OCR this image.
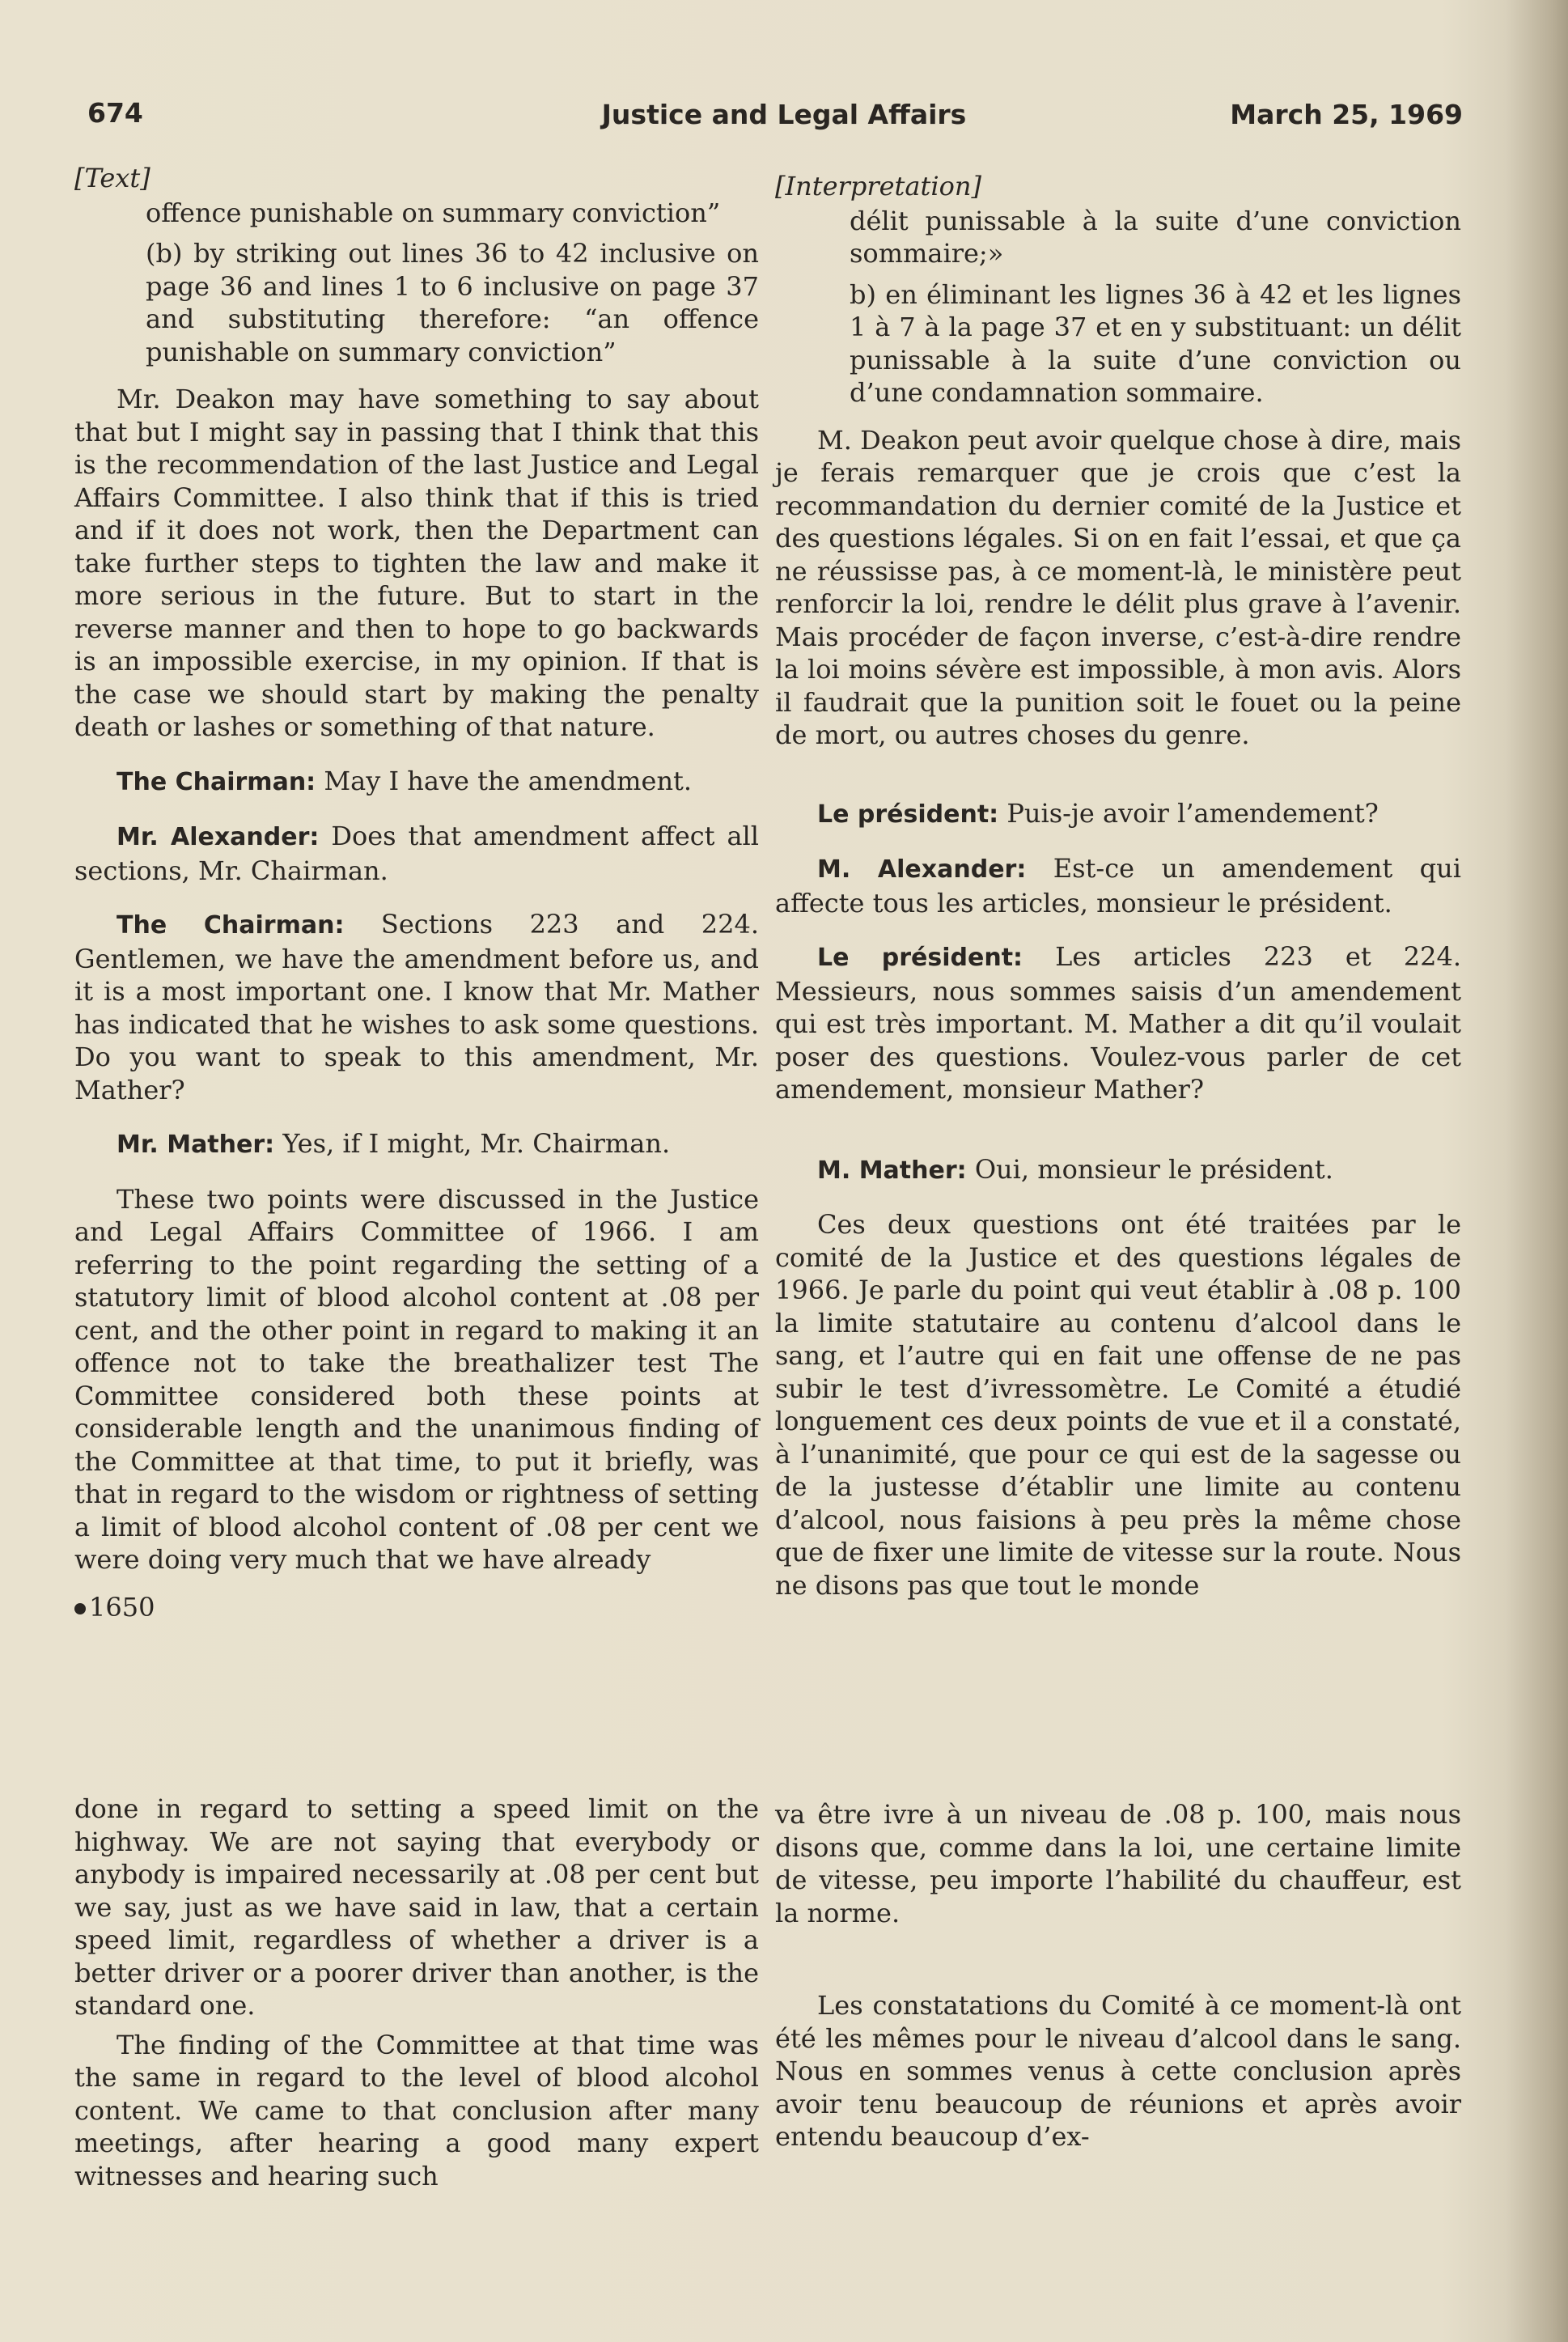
674	Justice and Legal Affairs	March 25, 1969

[Text]

offence punishable on summary conviction”

(b) by striking out lines 36 to 42 inclusive on page 36 and lines 1 to 6 inclusive on page 37 and substituting therefore: “an offence punishable on summary conviction”

Mr. Deakon may have something to say about that but I might say in passing that I think that this is the recommendation of the last Justice and Legal Affairs Committee. I also think that if this is tried and if it does not work, then the Department can take further steps to tighten the law and make it more serious in the future. But to start in the reverse manner and then to hope to go backwards is an impossible exercise, in my opinion. If that is the case we should start by making the penalty death or lashes or something of that nature.

The Chairman: May I have the amendment.

Mr. Alexander: Does that amendment affect all sections, Mr. Chairman.

The Chairman: Sections 223 and 224. Gentlemen, we have the amendment before us, and it is a most important one. I know that Mr. Mather has indicated that he wishes to ask some questions. Do you want to speak to this amendment, Mr. Mather?

Mr. Mather: Yes, if I might, Mr. Chairman.

These two points were discussed in the Justice and Legal Affairs Committee of 1966. I am referring to the point regarding the setting of a statutory limit of blood alcohol content at .08 per cent, and the other point in regard to making it an offence not to take the breathalizer test The Committee considered both these points at considerable length and the unanimous finding of the Committee at that time, to put it briefly, was that in regard to the wisdom or rightness of setting a limit of blood alcohol content of .08 per cent we were doing very much that we have already

1650

done in regard to setting a speed limit on the highway. We are not saying that everybody or anybody is impaired necessarily at .08 per cent but we say, just as we have said in law, that a certain speed limit, regardless of whether a driver is a better driver or a poorer driver than another, is the standard one.

The finding of the Committee at that time was the same in regard to the level of blood alcohol content. We came to that conclusion after many meetings, after hearing a good many expert witnesses and hearing such

[Interpretation]

délit punissable à la suite d’une conviction sommaire;»

b) en éliminant les lignes 36 à 42 et les lignes 1 à 7 à la page 37 et en y substituant: un délit punissable à la suite d’une conviction ou d’une condamnation sommaire.

M. Deakon peut avoir quelque chose à dire, mais je ferais remarquer que je crois que c’est la recommandation du dernier comité de la Justice et des questions légales. Si on en fait l’essai, et que ça ne réussisse pas, à ce moment-là, le ministère peut renforcir la loi, rendre le délit plus grave à l’avenir. Mais procéder de façon inverse, c’est-à-dire rendre la loi moins sévère est impossible, à mon avis. Alors il faudrait que la punition soit le fouet ou la peine de mort, ou autres choses du genre.

Le président: Puis-je avoir l’amendement?

M. Alexander: Est-ce un amendement qui affecte tous les articles, monsieur le président.

Le président: Les articles 223 et 224. Messieurs, nous sommes saisis d’un amendement qui est très important. M. Mather a dit qu’il voulait poser des questions. Voulez-vous parler de cet amendement, monsieur Mather?

M. Mather: Oui, monsieur le président.

Ces deux questions ont été traitées par le comité de la Justice et des questions légales de 1966. Je parle du point qui veut établir à .08 p. 100 la limite statutaire au contenu d’alcool dans le sang, et l’autre qui en fait une offense de ne pas subir le test d’ivressomètre. Le Comité a étudié longuement ces deux points de vue et il a constaté, à l’unanimité, que pour ce qui est de la sagesse ou de la justesse d’établir une limite au contenu d’alcool, nous faisions à peu près la même chose que de fixer une limite de vitesse sur la route. Nous ne disons pas que tout le monde

va être ivre à un niveau de .08 p. 100, mais nous disons que, comme dans la loi, une certaine limite de vitesse, peu importe l’habilité du chauffeur, est la norme.

Les constatations du Comité à ce moment-là ont été les mêmes pour le niveau d’alcool dans le sang. Nous en sommes venus à cette conclusion après avoir tenu beaucoup de réunions et après avoir entendu beaucoup d’ex-
